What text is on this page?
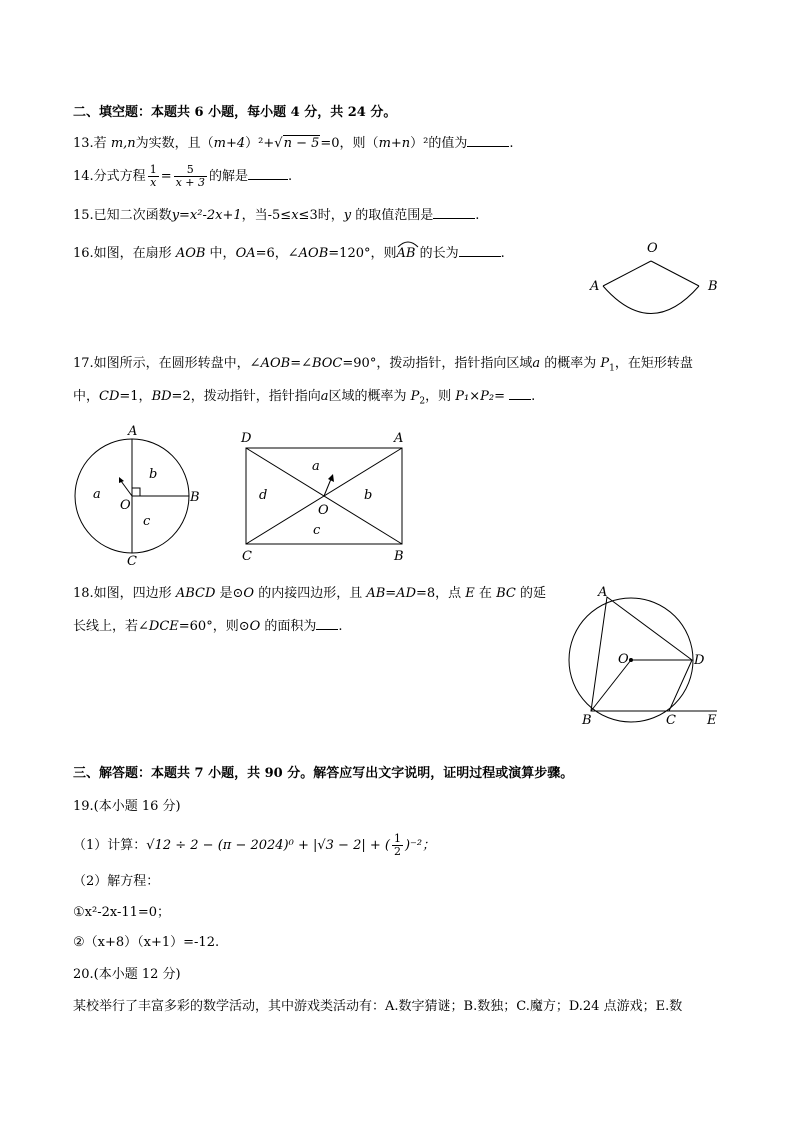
二、填空题：本题共 6 小题，每小题 4 分，共 24 分。
13.若 m,n为实数，且（m+4）²+√n − 5=0，则（m+n）²的值为	.
14.分式方程 $\frac{1}{x} = \frac{5}{x + 3}$ 的解是	.
15.已知二次函数y=x²-2x+1，当-5≤x≤3时，y 的取值范围是	.
16.如图，在扇形 AOB 中，OA=6，∠AOB=120°，则
AB 的长为	.	O
A	B
17.如图所示，在圆形转盘中，∠AOB=∠BOC=90°，拨动指针，指针指向区域a 的概率为 $P_1$，在矩形转盘
中，CD=1，BD=2，拨动指针，指针指向a区域的概率为 $P_2$，则 P₁×P₂= .
A
B
C
O
a
b
c
D	A
C	B
O
a
b
c
d
18.如图，四边形 ABCD 是⊙O 的内接四边形，且 AB=AD=8，点 E 在 BC 的延
长线上，若∠DCE=60°，则⊙O 的面积为 .
A
B	C
D
E
O
三、解答题：本题共 7 小题，共 90 分。解答应写出文字说明，证明过程或演算步骤。
19.(本小题 16 分)
（1）计算：√12 ÷ 2 − (π − 2024)⁰ + |√3 − 2| + ( $\frac{1}{2} )^{-2}$；
（2）解方程：
①x²-2x-11=0；
②（x+8）（x+1）=-12.
20.(本小题 12 分)
某校举行了丰富多彩的数学活动，其中游戏类活动有：A.数字猜谜；B.数独；C.魔方；D.24 点游戏；E.数
